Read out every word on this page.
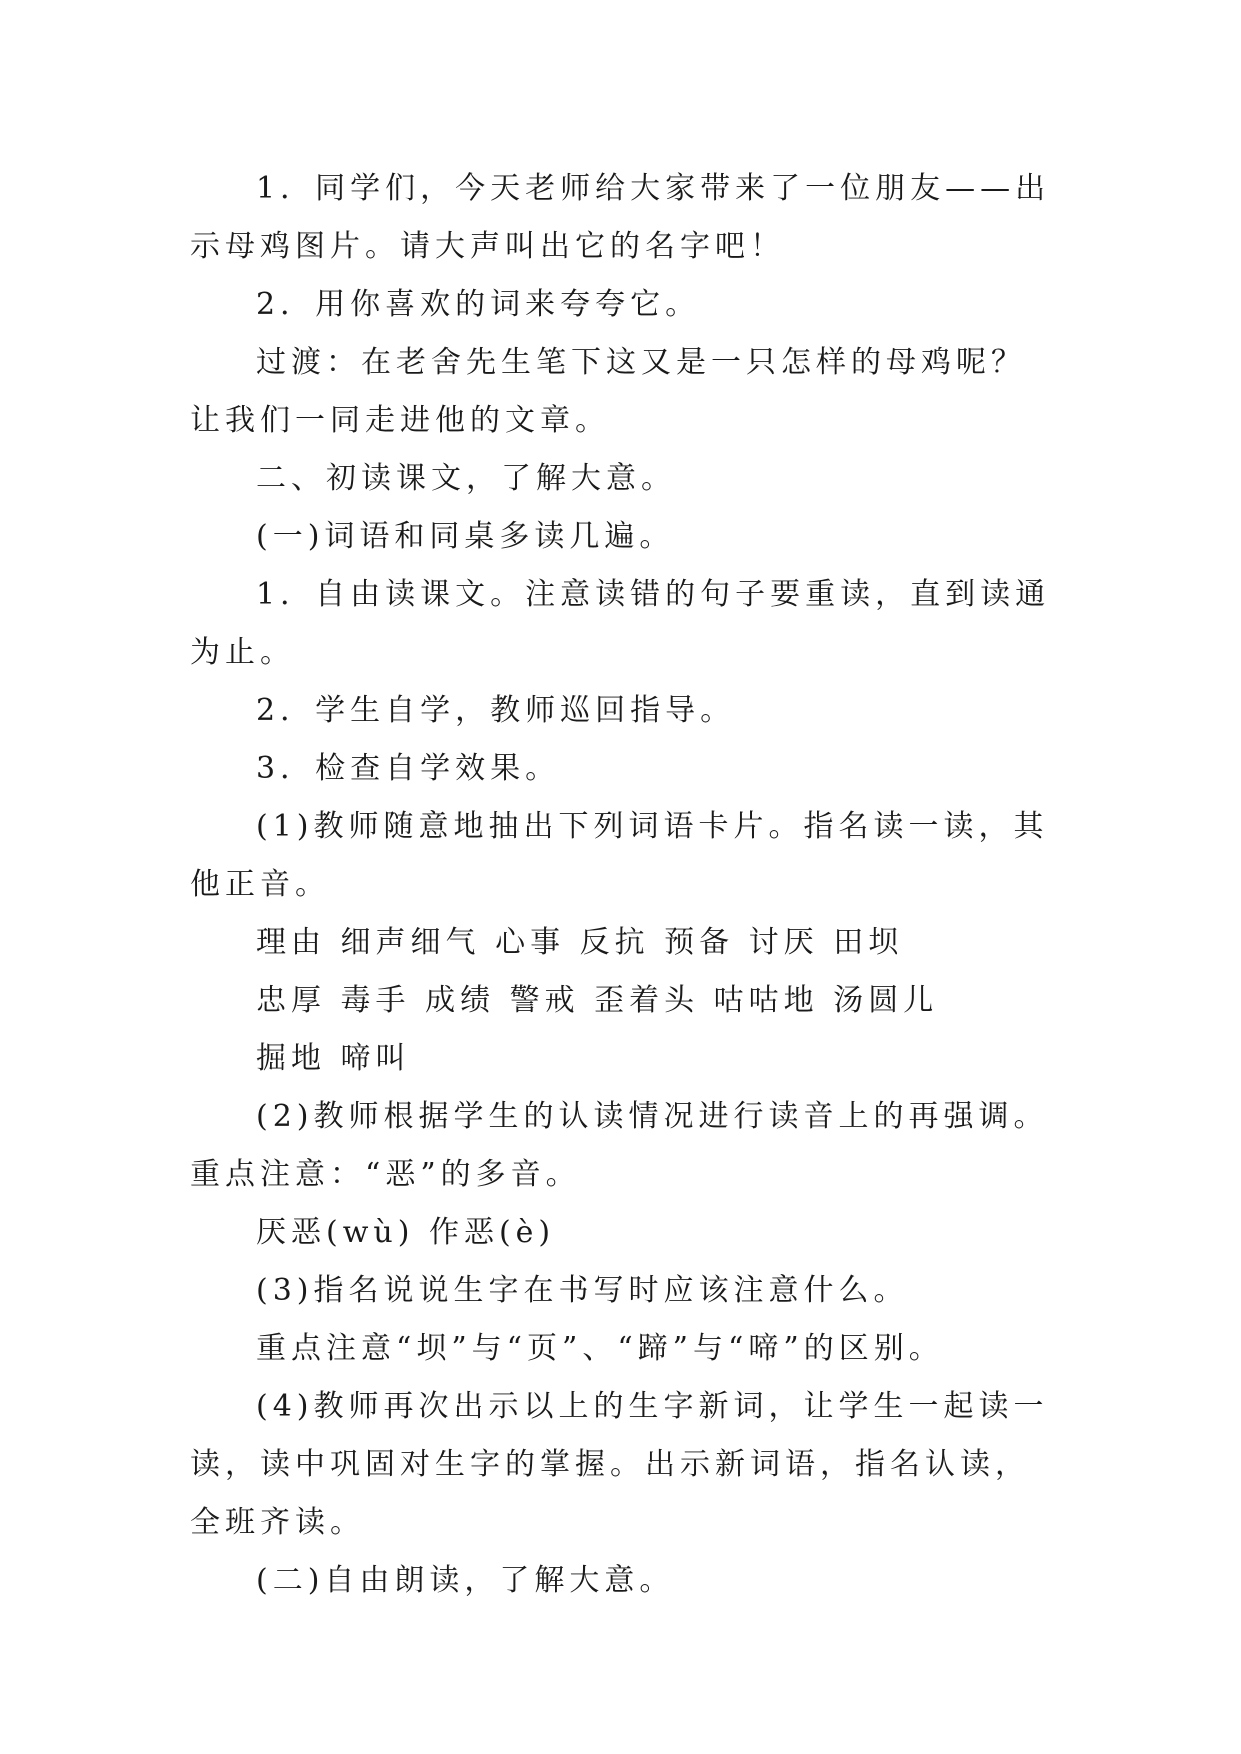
1．同学们，今天老师给大家带来了一位朋友——出示母鸡图片。请大声叫出它的名字吧！

2．用你喜欢的词来夸夸它。

过渡：在老舍先生笔下这又是一只怎样的母鸡呢？让我们一同走进他的文章。

二、初读课文，了解大意。

(一)词语和同桌多读几遍。

1．自由读课文。注意读错的句子要重读，直到读通为止。

2．学生自学，教师巡回指导。

3．检查自学效果。

(1)教师随意地抽出下列词语卡片。指名读一读，其他正音。

理由 细声细气 心事 反抗 预备 讨厌 田坝

忠厚 毒手 成绩 警戒 歪着头 咕咕地 汤圆儿

掘地 啼叫

(2)教师根据学生的认读情况进行读音上的再强调。重点注意：“恶”的多音。

厌恶(wù) 作恶(è)

(3)指名说说生字在书写时应该注意什么。

重点注意“坝”与“页”、“蹄”与“啼”的区别。

(4)教师再次出示以上的生字新词，让学生一起读一读，读中巩固对生字的掌握。出示新词语，指名认读，全班齐读。

(二)自由朗读，了解大意。
